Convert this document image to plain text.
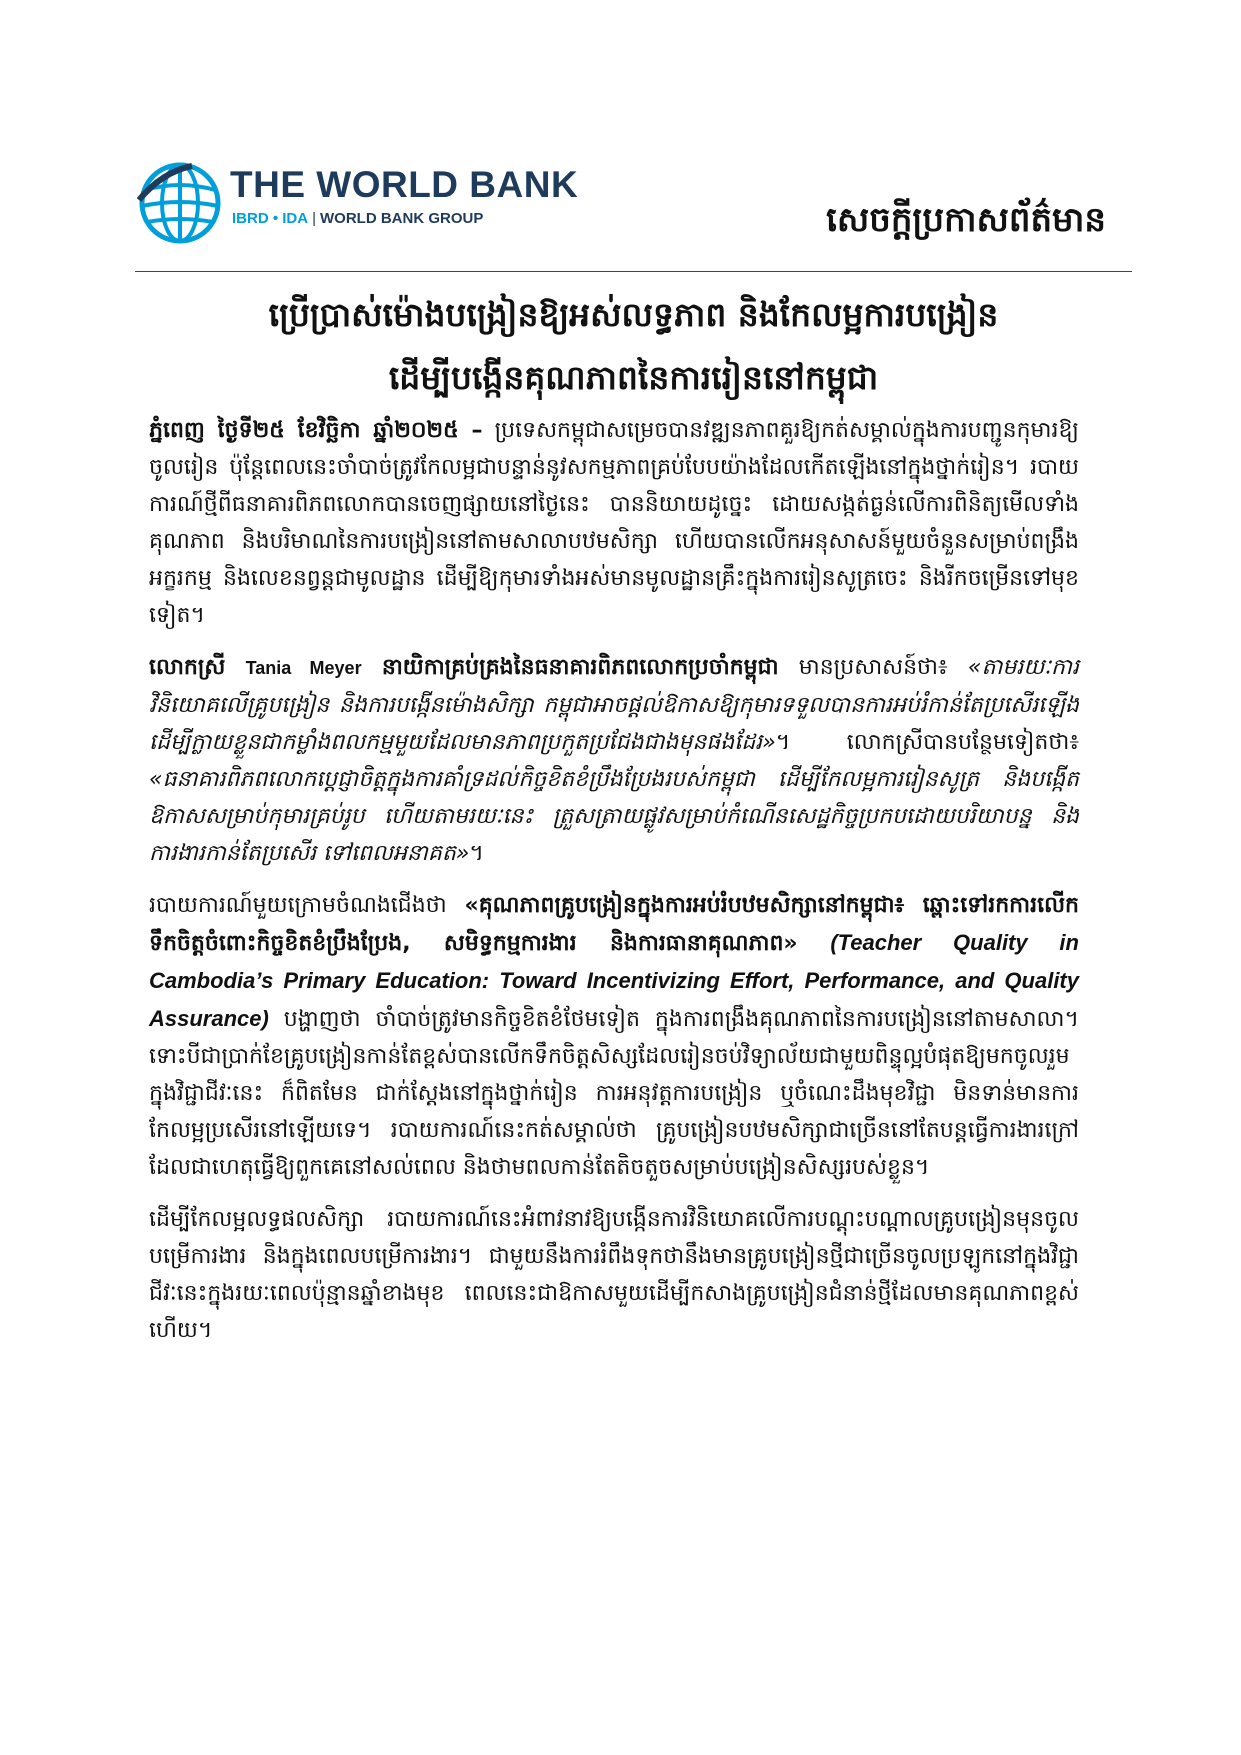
THE WORLD BANK
IBRD • IDA | WORLD BANK GROUP	សេចក្តីប្រកាសព័ត៌មាន
ប្រើប្រាស់ម៉ោងបង្រៀនឱ្យអស់លទ្ធភាព និងកែលម្អការបង្រៀន
ដើម្បីបង្កើនគុណភាពនៃការរៀននៅកម្ពុជា

ភ្នំពេញ ថ្ងៃទី២៥ ខែវិច្ឆិកា ឆ្នាំ២០២៥ – ប្រទេសកម្ពុជាសម្រេចបានវឌ្ឍនភាពគួរឱ្យកត់សម្គាល់ក្នុងការបញ្ជូនកុមារឱ្យចូលរៀន ប៉ុន្តែពេលនេះចាំបាច់ត្រូវកែលម្អជាបន្ទាន់នូវសកម្មភាពគ្រប់បែបយ៉ាងដែលកើតឡើងនៅក្នុងថ្នាក់រៀន។ របាយការណ៍ថ្មីពីធនាគារពិភពលោកបានចេញផ្សាយនៅថ្ងៃនេះ បាននិយាយដូច្នេះ ដោយសង្កត់ធ្ងន់លើការពិនិត្យមើលទាំងគុណភាព និងបរិមាណនៃការបង្រៀននៅតាមសាលាបឋមសិក្សា ហើយបានលើកអនុសាសន៍មួយចំនួនសម្រាប់ពង្រឹងអក្ខរកម្ម និងលេខនព្វន្តជាមូលដ្ឋាន ដើម្បីឱ្យកុមារទាំងអស់មានមូលដ្ឋានគ្រឹះក្នុងការរៀនសូត្រចេះ និងរីកចម្រើនទៅមុខទៀត។

លោកស្រី Tania Meyer នាយិកាគ្រប់គ្រងនៃធនាគារពិភពលោកប្រចាំកម្ពុជា មានប្រសាសន៍ថា៖ «តាមរយៈការវិនិយោគលើគ្រូបង្រៀន និងការបង្កើនម៉ោងសិក្សា កម្ពុជាអាចផ្តល់ឱកាសឱ្យកុមារទទួលបានការអប់រំកាន់តែប្រសើរឡើង ដើម្បីក្លាយខ្លួនជាកម្លាំងពលកម្មមួយដែលមានភាពប្រកួតប្រជែងជាងមុនផងដែរ»។ លោកស្រីបានបន្ថែមទៀតថា៖ «ធនាគារពិភពលោកប្តេជ្ញាចិត្តក្នុងការគាំទ្រដល់កិច្ចខិតខំប្រឹងប្រែងរបស់កម្ពុជា ដើម្បីកែលម្អការរៀនសូត្រ និងបង្កើតឱកាសសម្រាប់កុមារគ្រប់រូប ហើយតាមរយៈនេះ ត្រួសត្រាយផ្លូវសម្រាប់កំណើនសេដ្ឋកិច្ចប្រកបដោយបរិយាបន្ន និងការងារកាន់តែប្រសើរ ទៅពេលអនាគត»។

របាយការណ៍មួយក្រោមចំណងជើងថា «គុណភាពគ្រូបង្រៀនក្នុងការអប់រំបឋមសិក្សានៅកម្ពុជា៖ ឆ្ពោះទៅរកការលើកទឹកចិត្តចំពោះកិច្ចខិតខំប្រឹងប្រែង, សមិទ្ធកម្មការងារ និងការធានាគុណភាព» (Teacher Quality in Cambodia’s Primary Education: Toward Incentivizing Effort, Performance, and Quality Assurance) បង្ហាញថា ចាំបាច់ត្រូវមានកិច្ចខិតខំថែមទៀត ក្នុងការពង្រឹងគុណភាពនៃការបង្រៀននៅតាមសាលា។ ទោះបីជាប្រាក់ខែគ្រូបង្រៀនកាន់តែខ្ពស់បានលើកទឹកចិត្តសិស្សដែលរៀនចប់វិទ្យាល័យជាមួយពិន្ទុល្អបំផុតឱ្យមកចូលរួមក្នុងវិជ្ជាជីវៈនេះ ក៏ពិតមែន ជាក់ស្តែងនៅក្នុងថ្នាក់រៀន ការអនុវត្តការបង្រៀន ឬចំណេះដឹងមុខវិជ្ជា មិនទាន់មានការកែលម្អប្រសើរនៅឡើយទេ។ របាយការណ៍នេះកត់សម្គាល់ថា គ្រូបង្រៀនបឋមសិក្សាជាច្រើននៅតែបន្តធ្វើការងារក្រៅ ដែលជាហេតុធ្វើឱ្យពួកគេនៅសល់ពេល និងថាមពលកាន់តែតិចតួចសម្រាប់បង្រៀនសិស្សរបស់ខ្លួន។

ដើម្បីកែលម្អលទ្ធផលសិក្សា របាយការណ៍នេះអំពាវនាវឱ្យបង្កើនការវិនិយោគលើការបណ្តុះបណ្តាលគ្រូបង្រៀនមុនចូលបម្រើការងារ និងក្នុងពេលបម្រើការងារ។ ជាមួយនឹងការរំពឹងទុកថានឹងមានគ្រូបង្រៀនថ្មីជាច្រើនចូលប្រឡូកនៅក្នុងវិជ្ជាជីវៈនេះក្នុងរយៈពេលប៉ុន្មានឆ្នាំខាងមុខ ពេលនេះជាឱកាសមួយដើម្បីកសាងគ្រូបង្រៀនជំនាន់ថ្មីដែលមានគុណភាពខ្ពស់ហើយ។
